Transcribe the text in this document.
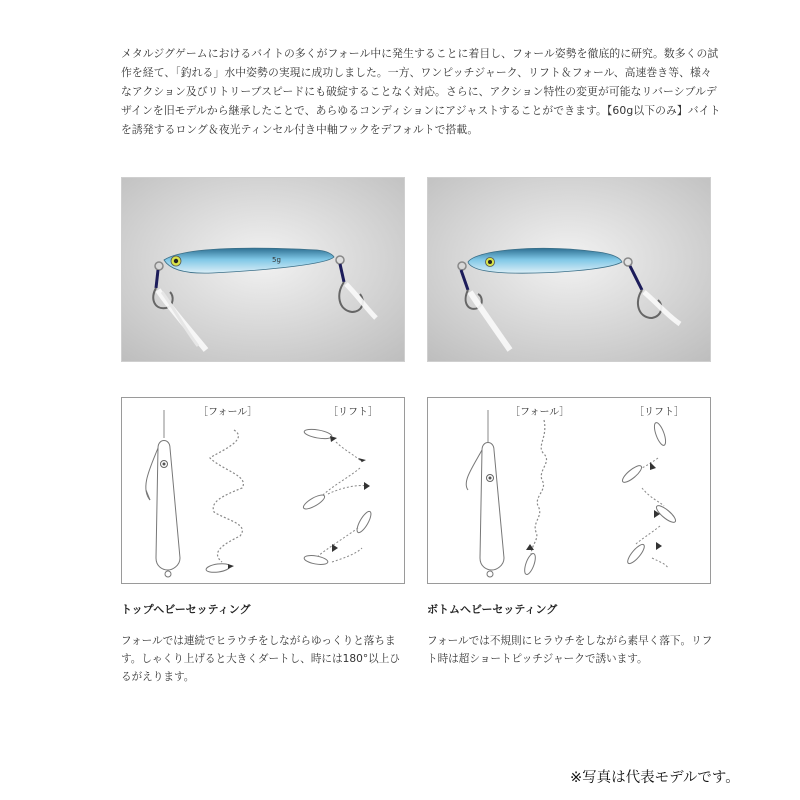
メタルジグゲームにおけるバイトの多くがフォール中に発生することに着目し、フォール姿勢を徹底的に研究。数多くの試作を経て、「釣れる」水中姿勢の実現に成功しました。一方、ワンピッチジャーク、リフト＆フォール、高速巻き等、様々なアクション及びリトリーブスピードにも破綻することなく対応。さらに、アクション特性の変更が可能なリバーシブルデザインを旧モデルから継承したことで、あらゆるコンディションにアジャストすることができます。【60g以下のみ】バイトを誘発するロング＆夜光ティンセル付き中軸フックをデフォルトで搭載。
5g
［フォール］	［リフト］	［フォール］	［リフト］
トップヘビーセッティング	ボトムヘビーセッティング
フォールでは連続でヒラウチをしながらゆっくりと落ちます。しゃくり上げると大きくダートし、時には180°以上ひるがえります。
フォールでは不規則にヒラウチをしながら素早く落下。リフト時は超ショートピッチジャークで誘います。
※写真は代表モデルです。
